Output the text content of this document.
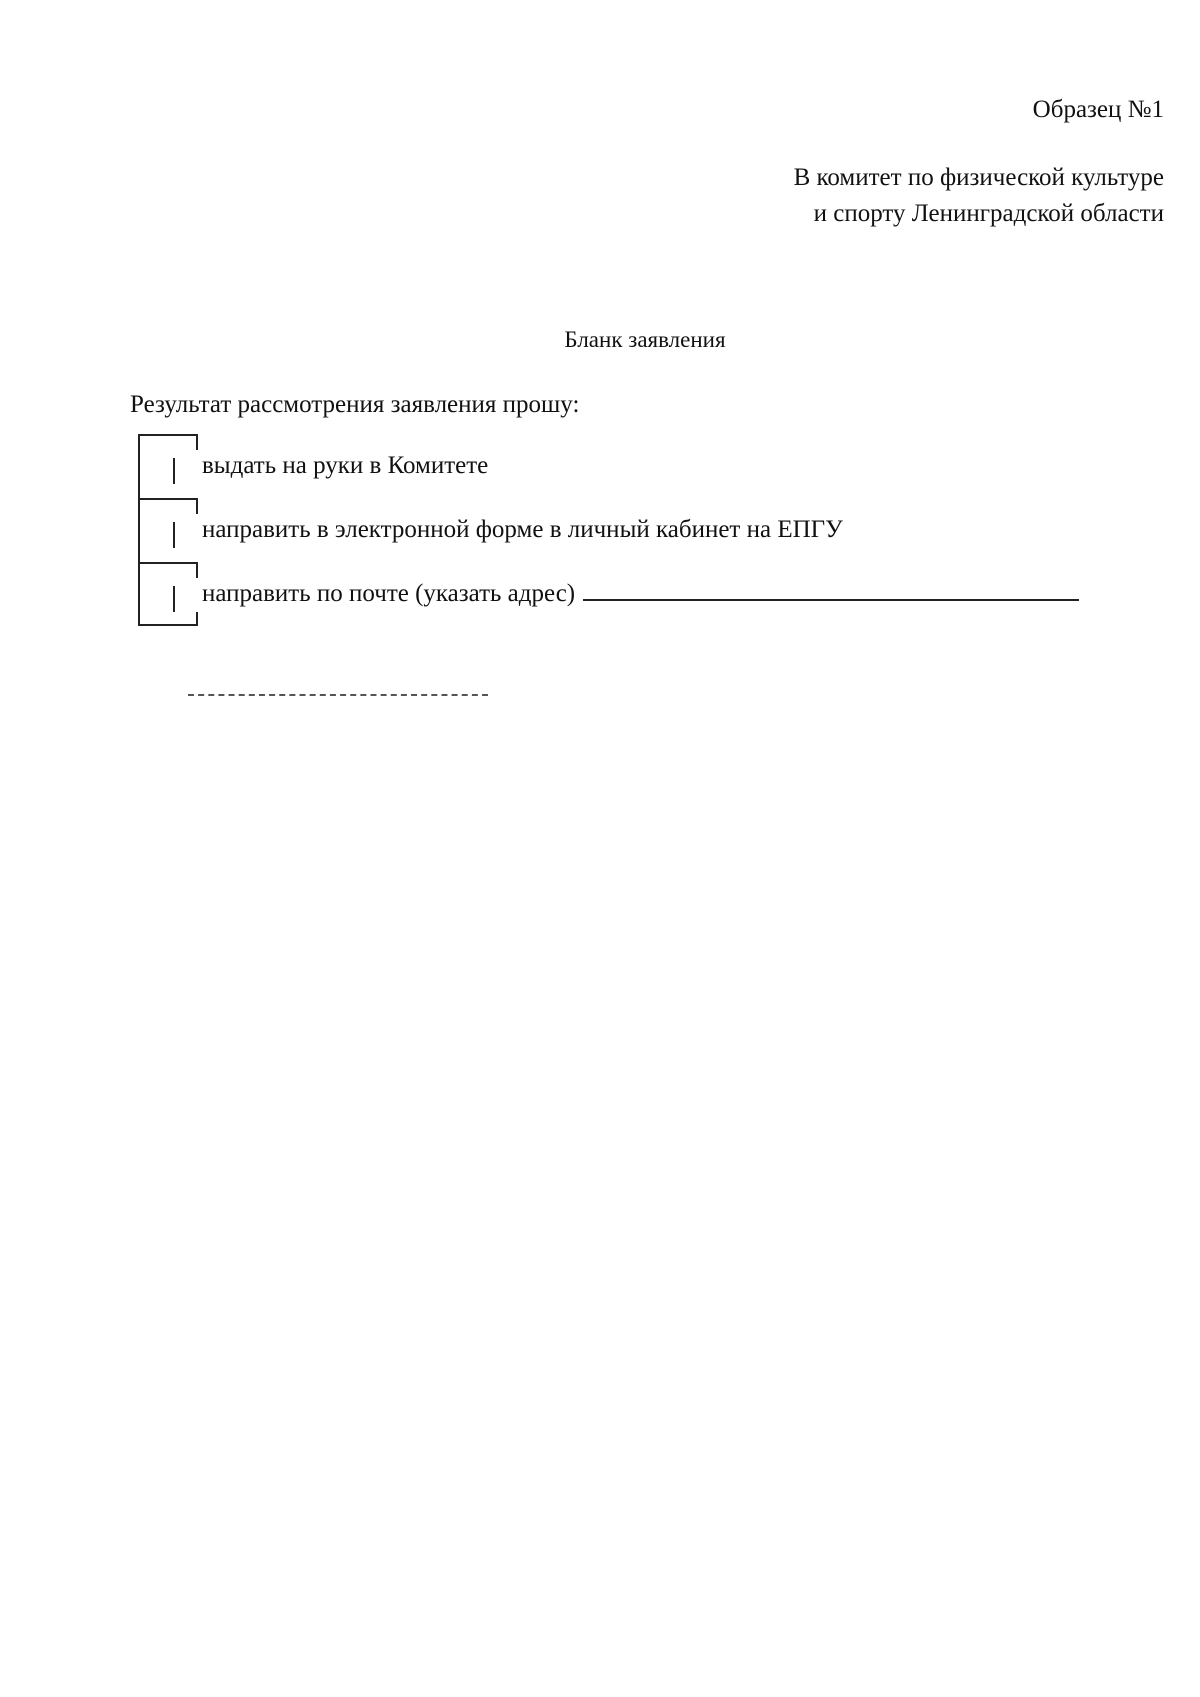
Образец №1
В комитет по физической культуре
и спорту Ленинградской области
Бланк заявления
Результат рассмотрения заявления прошу:
выдать на руки в Комитете
направить в электронной форме в личный кабинет на ЕПГУ
направить по почте (указать адрес)
